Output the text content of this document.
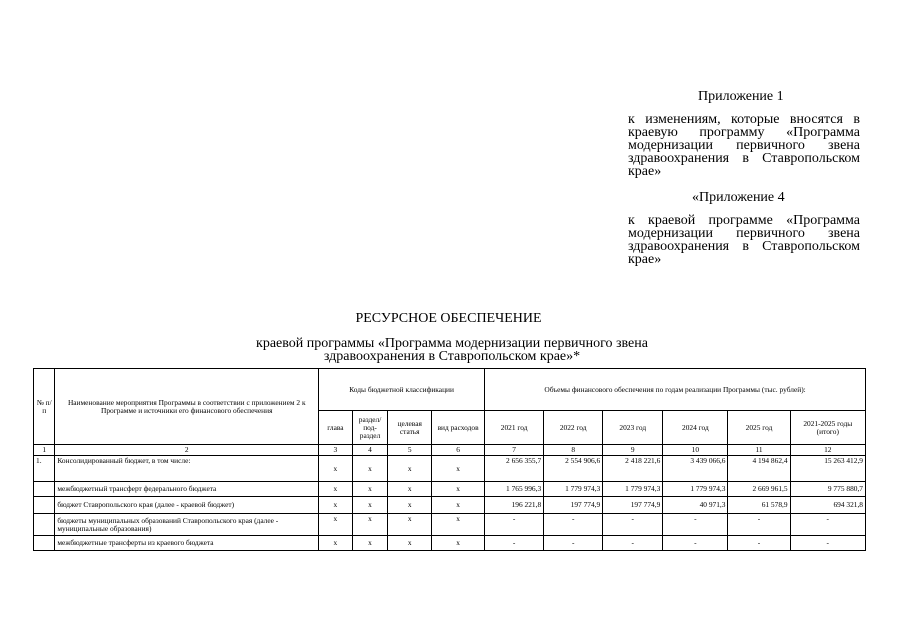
Приложение 1
к изменениям, которые вносятся в краевую программу «Программа модернизации первичного звена здравоохранения в Ставропольском крае»
«Приложение 4
к краевой программе «Программа модернизации первичного звена здравоохранения в Ставропольском крае»
РЕСУРСНОЕ ОБЕСПЕЧЕНИЕ
краевой программы «Программа модернизации первичного звена
здравоохранения в Ставропольском крае»*
№ п/п	Наименование мероприятия Программы в соответствии с приложением 2 к Программе и источники его финансового обеспечения	Коды бюджетной классификации				Объемы финансового обеспечения по годам реализации Программы (тыс. рублей):					
		глава	раздел/ под-раздел	целевая статья	вид расходов	2021 год	2022 год	2023 год	2024 год	2025 год	2021-2025 годы (итого)
1	2	3	4	5	6	7	8	9	10	11	12
1.	Консолидированный бюджет, в том числе:	х	х	х	х	2 656 355,7	2 554 906,6	2 418 221,6	3 439 066,6	4 194 862,4	15 263 412,9
	межбюджетный трансферт федерального бюджета	х	х	х	х	1 765 996,3	1 779 974,3	1 779 974,3	1 779 974,3	2 669 961,5	9 775 880,7
	бюджет Ставропольского края (далее - краевой бюджет)	х	х	х	х	196 221,8	197 774,9	197 774,9	40 971,3	61 578,9	694 321,8
	бюджеты муниципальных образований Ставропольского края (далее - муниципальные образования)	х	х	х	х	-	-	-	-	-	-
	межбюджетные трансферты из краевого бюджета	х	х	х	х	-	-	-	-	-	-
